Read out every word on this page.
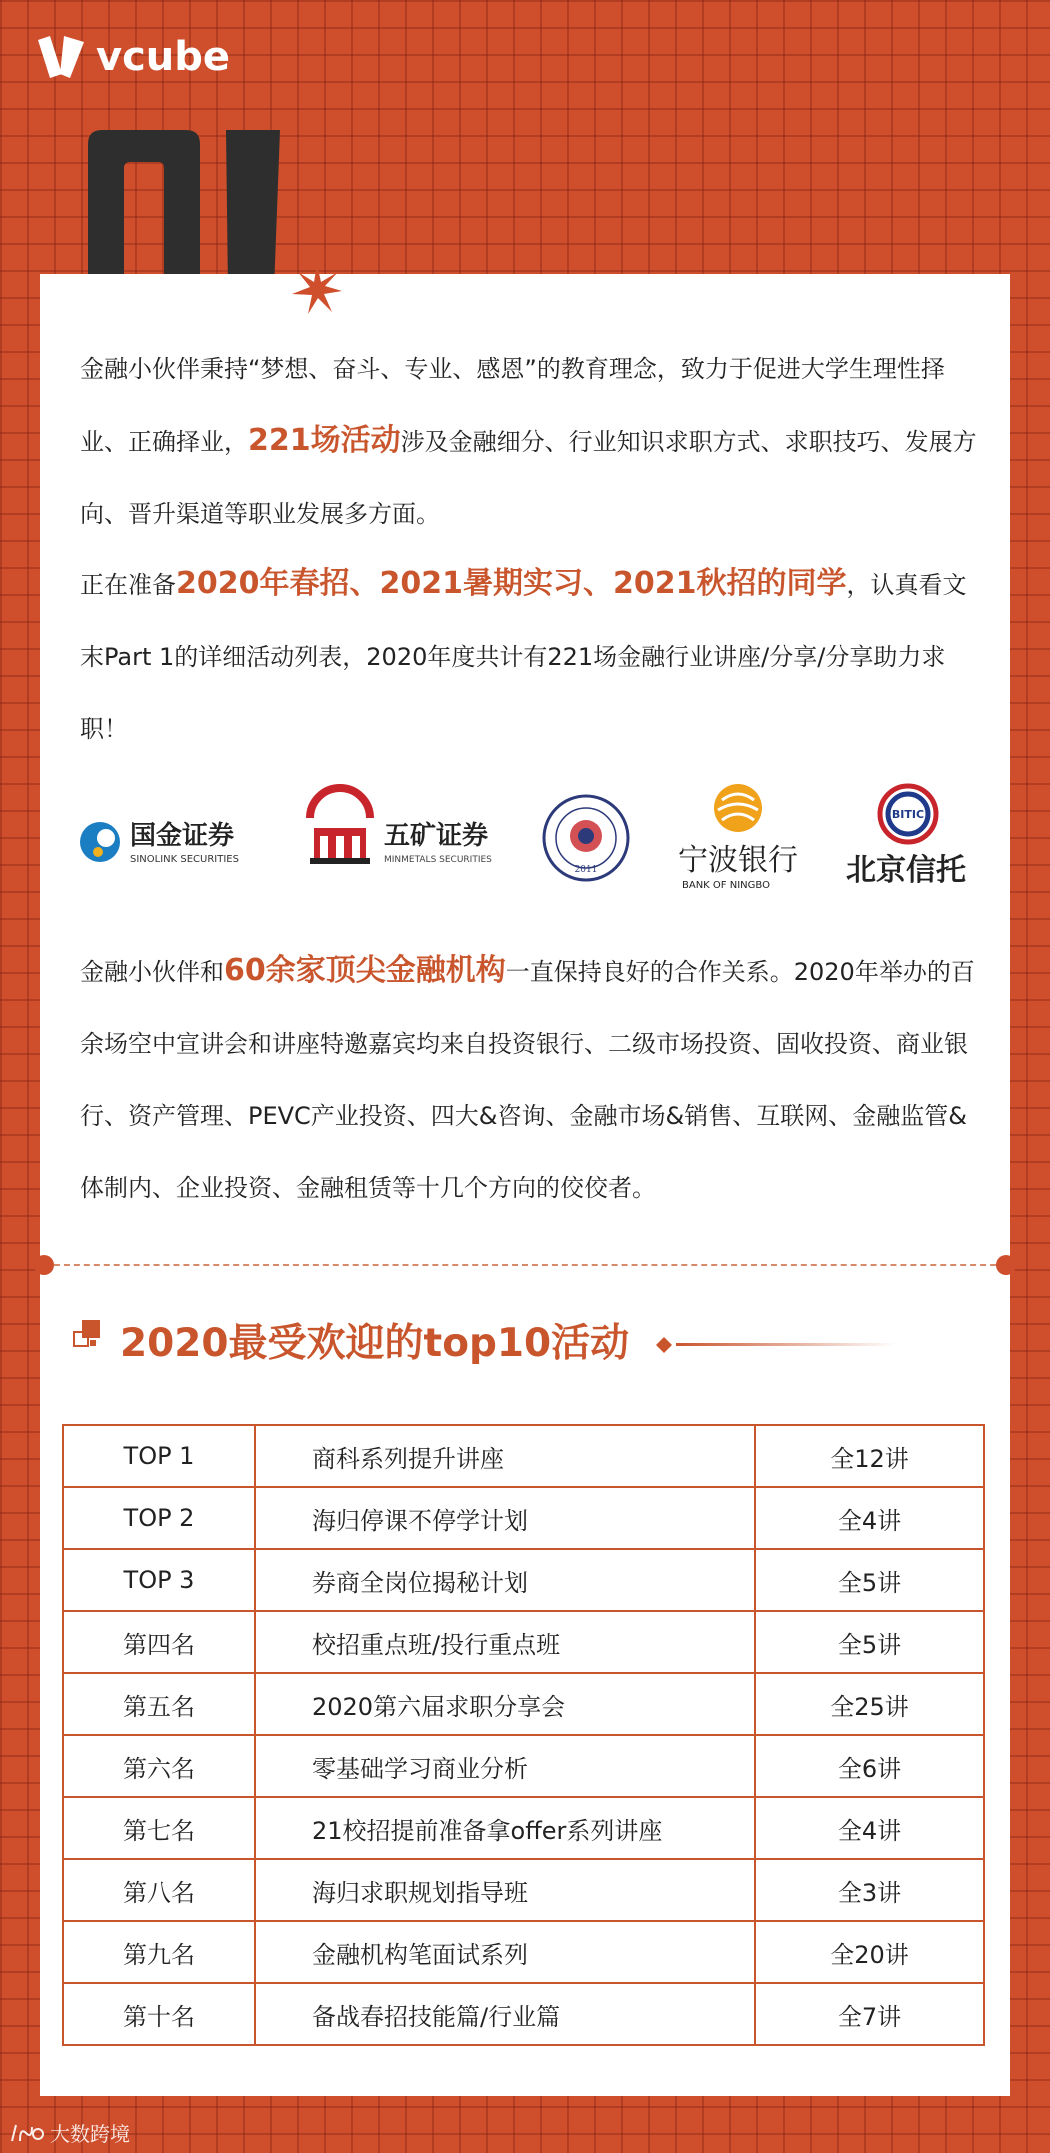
vcube

金融小伙伴秉持“梦想、奋斗、专业、感恩”的教育理念，致力于促进大学生理性择业、正确择业，221场活动涉及金融细分、行业知识求职方式、求职技巧、发展方向、晋升渠道等职业发展多方面。

正在准备2020年春招、2021暑期实习、2021秋招的同学，认真看文末Part 1的详细活动列表，2020年度共计有221场金融行业讲座/分享/分享助力求职！

国金证券
SINOLINK SECURITIES
五矿证券
MINMETALS SECURITIES
2011	宁波银行
BANK OF NINGBO
BITIC
北京信托

金融小伙伴和60余家顶尖金融机构一直保持良好的合作关系。2020年举办的百余场空中宣讲会和讲座特邀嘉宾均来自投资银行、二级市场投资、固收投资、商业银行、资产管理、PEVC产业投资、四大&咨询、金融市场&销售、互联网、金融监管&体制内、企业投资、金融租赁等十几个方向的佼佼者。

2020最受欢迎的top10活动
TOP 1	商科系列提升讲座	全12讲
TOP 2	海归停课不停学计划	全4讲
TOP 3	券商全岗位揭秘计划	全5讲
第四名	校招重点班/投行重点班	全5讲
第五名	2020第六届求职分享会	全25讲
第六名	零基础学习商业分析	全6讲
第七名	21校招提前准备拿offer系列讲座	全4讲
第八名	海归求职规划指导班	全3讲
第九名	金融机构笔面试系列	全20讲
第十名	备战春招技能篇/行业篇	全7讲
大数跨境
